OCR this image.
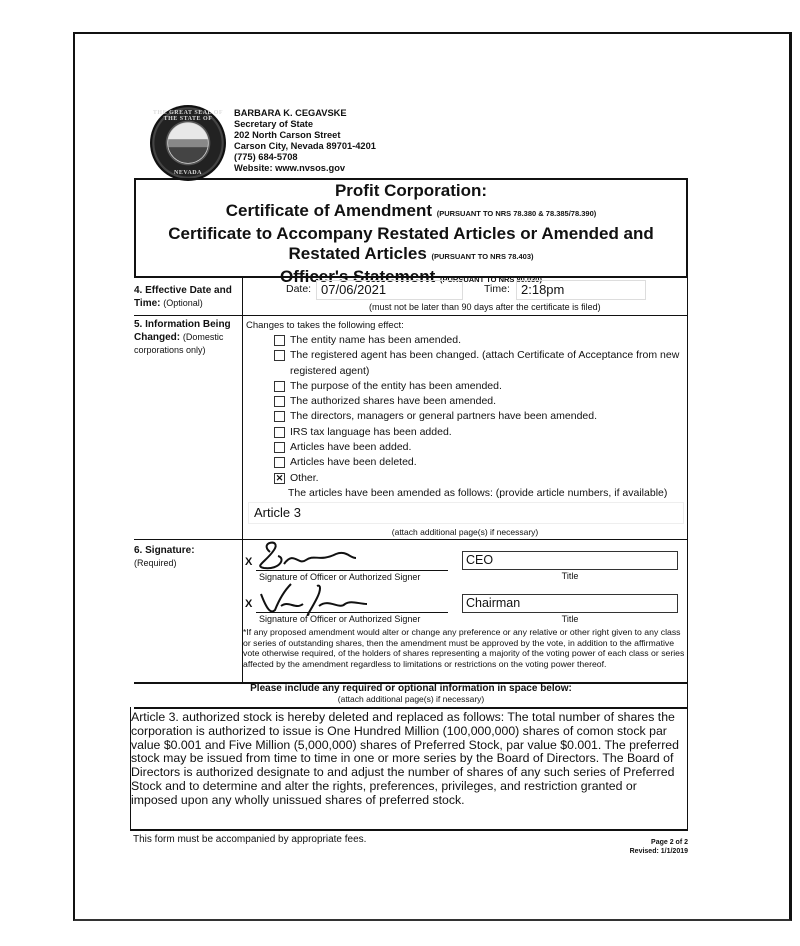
THE GREAT SEAL OF THE STATE OF
NEVADA
BARBARA K. CEGAVSKE
Secretary of State
202 North Carson Street
Carson City, Nevada 89701-4201
(775) 684-5708
Website: www.nvsos.gov
Profit Corporation:
Certificate of Amendment (PURSUANT TO NRS 78.380 & 78.385/78.390)
Certificate to Accompany Restated Articles or Amended and
Restated Articles (PURSUANT TO NRS 78.403)
Officer's Statement (PURSUANT TO NRS 80.030)
4. Effective Date and
Time: (Optional)
Date: 07/06/2021	Time: 2:18pm
(must not be later than 90 days after the certificate is filed)
5. Information Being
Changed: (Domestic
corporations only)
Changes to takes the following effect:
The entity name has been amended.
The registered agent has been changed. (attach Certificate of Acceptance from new registered agent)
The purpose of the entity has been amended.
The authorized shares have been amended.
The directors, managers or general partners have been amended.
IRS tax language has been added.
Articles have been added.
Articles have been deleted.
✕ Other.
The articles have been amended as follows: (provide article numbers, if available)
Article 3
(attach additional page(s) if necessary)
6. Signature:
(Required)	X
Signature of Officer or Authorized Signer
CEO
Title
X
Signature of Officer or Authorized Signer
Chairman
Title
*If any proposed amendment would alter or change any preference or any relative or other right given to any class or series of outstanding shares, then the amendment must be approved by the vote, in addition to the affirmative vote otherwise required, of the holders of shares representing a majority of the voting power of each class or series affected by the amendment regardless to limitations or restrictions on the voting power thereof.
Please include any required or optional information in space below:
(attach additional page(s) if necessary)
Article 3. authorized stock is hereby deleted and replaced as follows: The total number of shares the corporation is authorized to issue is One Hundred Million (100,000,000) shares of comon stock par value $0.001 and Five Million (5,000,000) shares of Preferred Stock, par value $0.001. The preferred stock may be issued from time to time in one or more series by the Board of Directors. The Board of Directors is authorized designate to and adjust the number of shares of any such series of Preferred Stock and to determine and alter the rights, preferences, privileges, and restriction granted or imposed upon any wholly unissued shares of preferred stock.
This form must be accompanied by appropriate fees.	Page 2 of 2
Revised: 1/1/2019
